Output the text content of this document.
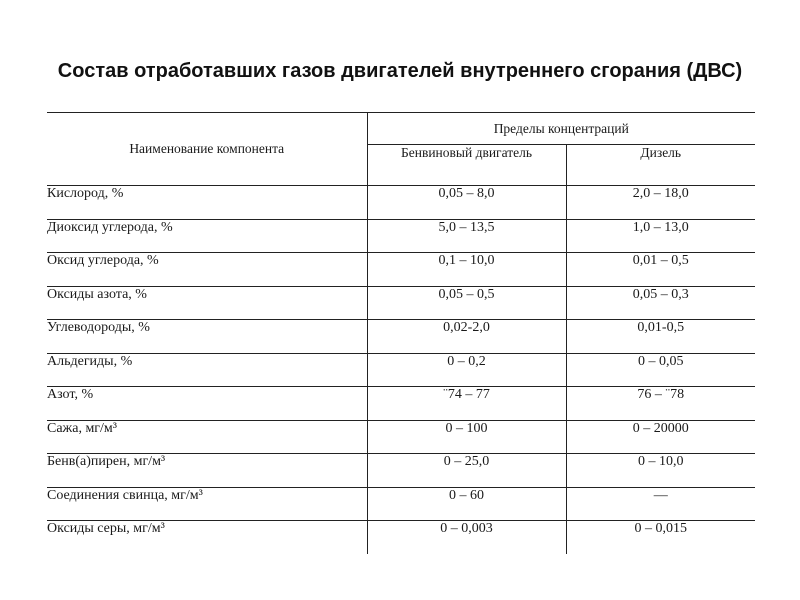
Состав отработавших газов двигателей внутреннего сгорания (ДВС)
Наименование компонента	Пределы концентраций	
	Бенвиновый двигатель	Дизель
Кислород, %	0,05 – 8,0	2,0 – 18,0
Диоксид углерода, %	5,0 – 13,5	1,0 – 13,0
Оксид углерода, %	0,1 – 10,0	0,01 – 0,5
Оксиды азота, %	0,05 – 0,5	0,05 – 0,3
Углеводороды, %	0,02-2,0	0,01-0,5
Альдегиды, %	0 – 0,2	0 – 0,05
Азот, %	¨74 – 77	76 – ¨78
Сажа, мг/м³	0 – 100	0 – 20000
Бенв(а)пирен, мг/м³	0 – 25,0	0 – 10,0
Соединения свинца, мг/м³	0 – 60	—
Оксиды серы, мг/м³	0 – 0,003	0 – 0,015
